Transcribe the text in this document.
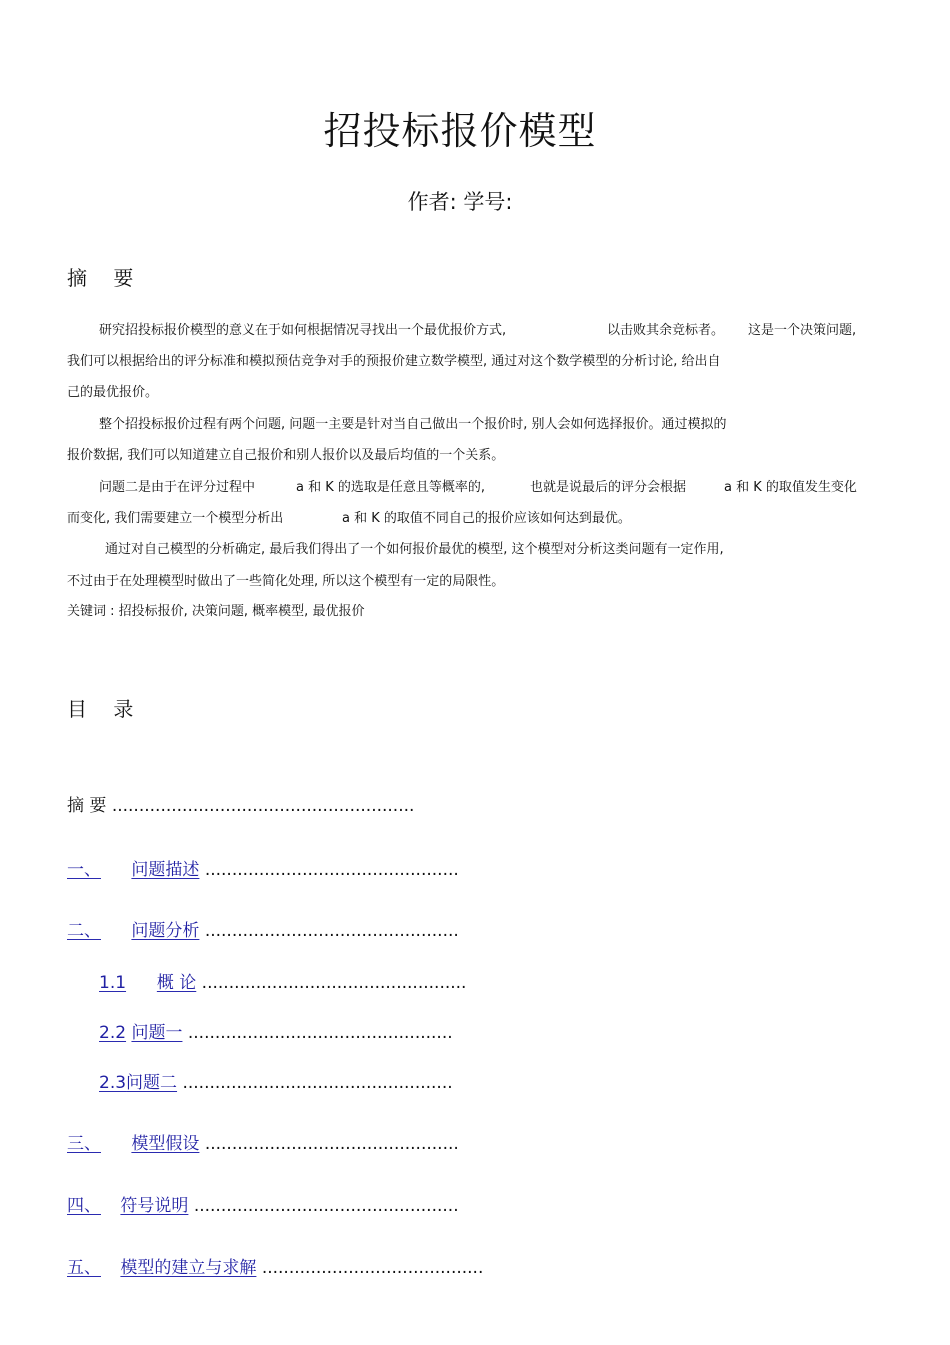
招投标报价模型
作者: 学号:
摘 要
研究招投标报价模型的意义在于如何根据情况寻找出一个最优报价方式,	以击败其余竞标者。 这是一个决策问题,
我们可以根据给出的评分标准和模拟预估竞争对手的预报价建立数学模型, 通过对这个数学模型的分析讨论, 给出自
己的最优报价。
整个招投标报价过程有两个问题, 问题一主要是针对当自己做出一个报价时, 别人会如何选择报价。通过模拟的
报价数据, 我们可以知道建立自己报价和别人报价以及最后均值的一个关系。
问题二是由于在评分过程中	a 和 K 的选取是任意且等概率的,	也就是说最后的评分会根据	a 和 K 的取值发生变化
而变化, 我们需要建立一个模型分析出	a 和 K 的取值不同自己的报价应该如何达到最优。
通过对自己模型的分析确定, 最后我们得出了一个如何报价最优的模型, 这个模型对分析这类问题有一定作用,
不过由于在处理模型时做出了一些简化处理, 所以这个模型有一定的局限性。
关键词 : 招投标报价, 决策问题, 概率模型, 最优报价
目 录
摘 要 ........................................................
一、 问题描述 ...............................................
二、 问题分析 ...............................................
1.1 概 论 .................................................
2.2 问题一 .................................................
2.3问题二 ..................................................
三、 模型假设 ...............................................
四、 符号说明 .................................................
五、 模型的建立与求解 .........................................
